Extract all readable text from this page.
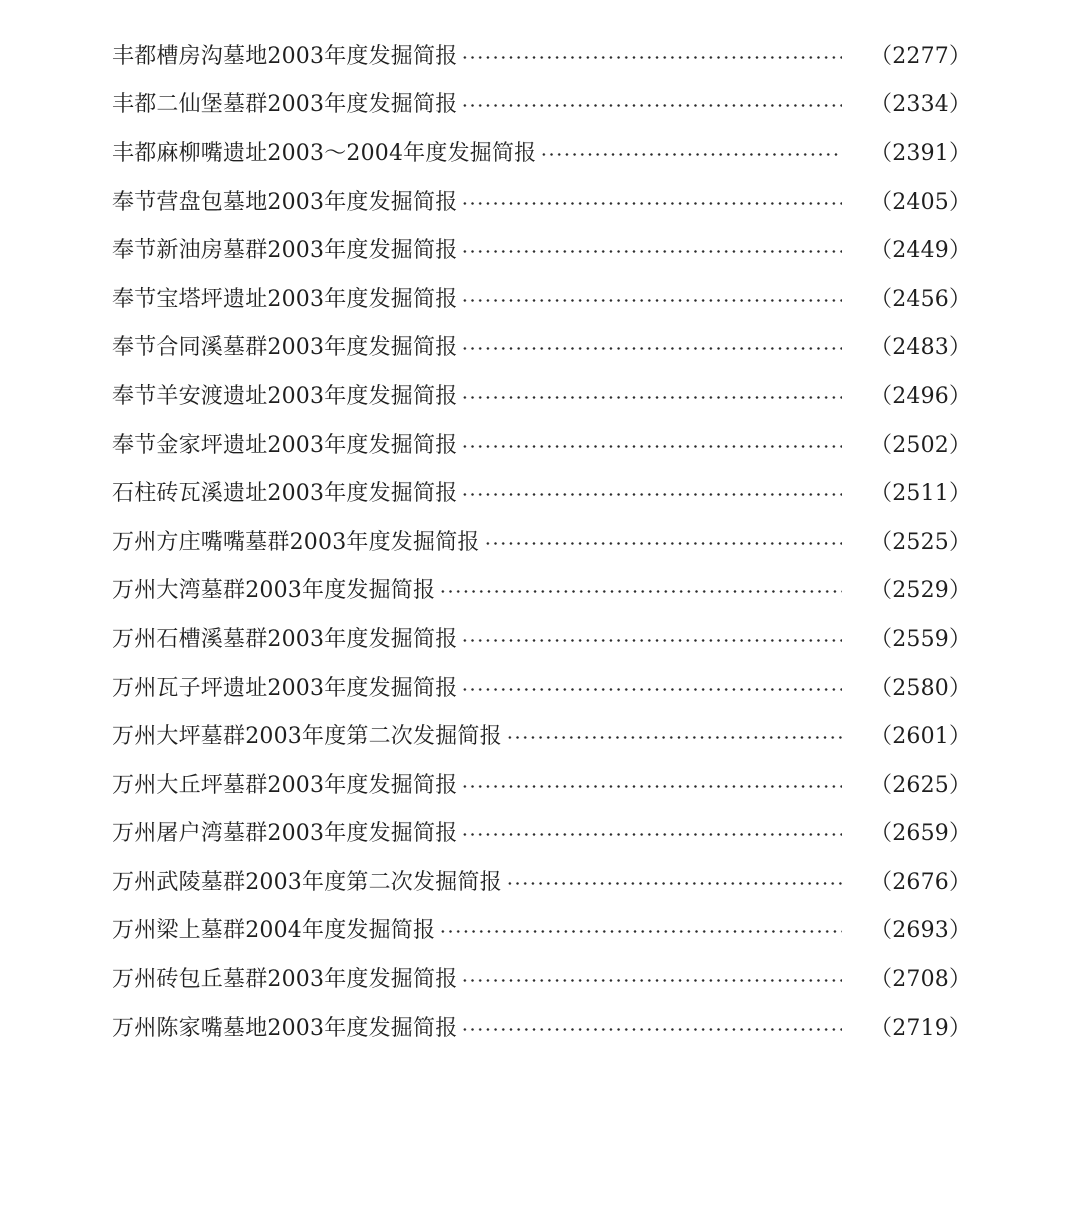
丰都槽房沟墓地2003年度发掘简报	（2277）
丰都二仙堡墓群2003年度发掘简报	（2334）
丰都麻柳嘴遗址2003～2004年度发掘简报	（2391）
奉节营盘包墓地2003年度发掘简报	（2405）
奉节新油房墓群2003年度发掘简报	（2449）
奉节宝塔坪遗址2003年度发掘简报	（2456）
奉节合同溪墓群2003年度发掘简报	（2483）
奉节羊安渡遗址2003年度发掘简报	（2496）
奉节金家坪遗址2003年度发掘简报	（2502）
石柱砖瓦溪遗址2003年度发掘简报	（2511）
万州方庄嘴嘴墓群2003年度发掘简报	（2525）
万州大湾墓群2003年度发掘简报	（2529）
万州石槽溪墓群2003年度发掘简报	（2559）
万州瓦子坪遗址2003年度发掘简报	（2580）
万州大坪墓群2003年度第二次发掘简报	（2601）
万州大丘坪墓群2003年度发掘简报	（2625）
万州屠户湾墓群2003年度发掘简报	（2659）
万州武陵墓群2003年度第二次发掘简报	（2676）
万州梁上墓群2004年度发掘简报	（2693）
万州砖包丘墓群2003年度发掘简报	（2708）
万州陈家嘴墓地2003年度发掘简报	（2719）
